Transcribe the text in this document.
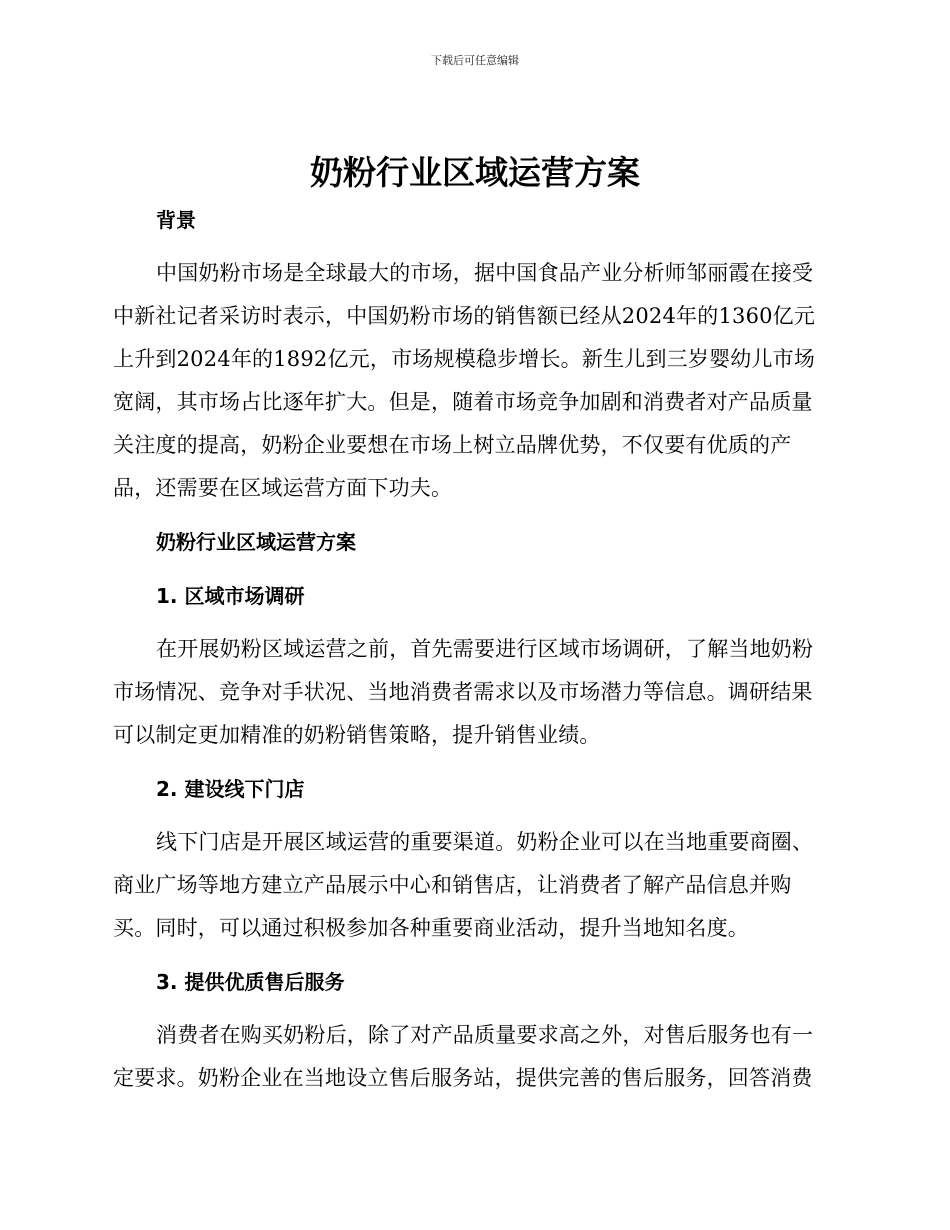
下载后可任意编辑
奶粉行业区域运营方案
背景

中国奶粉市场是全球最大的市场，据中国食品产业分析师邹丽霞在接受中新社记者采访时表示，中国奶粉市场的销售额已经从2024年的1360亿元上升到2024年的1892亿元，市场规模稳步增长。新生儿到三岁婴幼儿市场宽阔，其市场占比逐年扩大。但是，随着市场竞争加剧和消费者对产品质量关注度的提高，奶粉企业要想在市场上树立品牌优势，不仅要有优质的产品，还需要在区域运营方面下功夫。

奶粉行业区域运营方案
1. 区域市场调研

在开展奶粉区域运营之前，首先需要进行区域市场调研，了解当地奶粉市场情况、竞争对手状况、当地消费者需求以及市场潜力等信息。调研结果可以制定更加精准的奶粉销售策略，提升销售业绩。

2. 建设线下门店

线下门店是开展区域运营的重要渠道。奶粉企业可以在当地重要商圈、商业广场等地方建立产品展示中心和销售店，让消费者了解产品信息并购买。同时，可以通过积极参加各种重要商业活动，提升当地知名度。

3. 提供优质售后服务

消费者在购买奶粉后，除了对产品质量要求高之外，对售后服务也有一定要求。奶粉企业在当地设立售后服务站，提供完善的售后服务，回答消费
